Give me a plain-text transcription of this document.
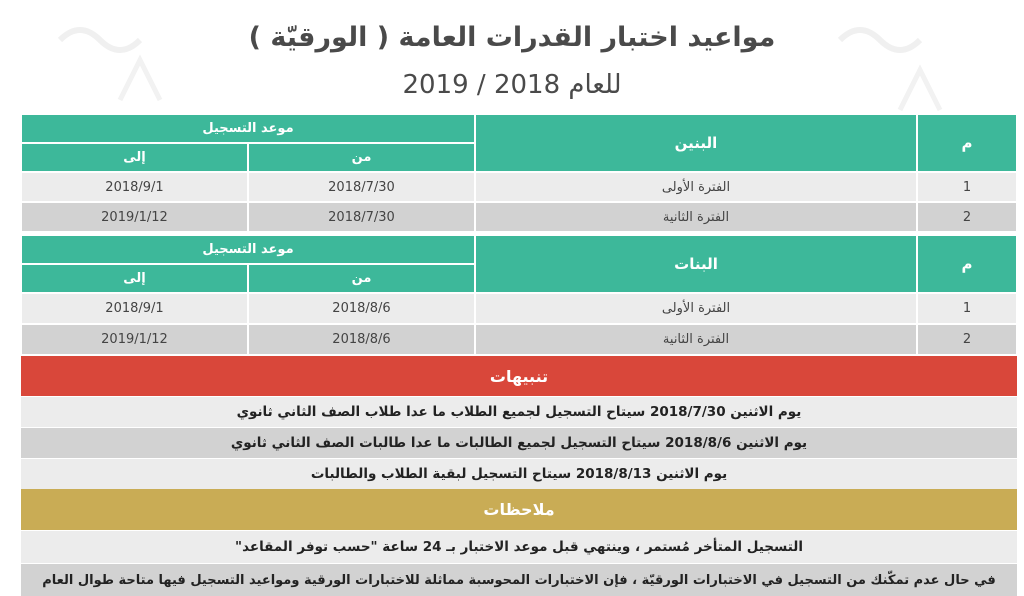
مواعيد اختبار القدرات العامة ( الورقيّة )
للعام 2018 / 2019
موعد التسجيل
البنين	م
إلى	من
2018/9/1	2018/7/30	الفترة الأولى	1
2019/1/12	2018/7/30	الفترة الثانية	2
موعد التسجيل
البنات	م
إلى	من
2018/9/1	2018/8/6	الفترة الأولى	1
2019/1/12	2018/8/6	الفترة الثانية	2
تنبيهات
يوم الاثنين 2018/7/30 سيتاح التسجيل لجميع الطلاب ما عدا طلاب الصف الثاني ثانوي
يوم الاثنين 2018/8/6 سيتاح التسجيل لجميع الطالبات ما عدا طالبات الصف الثاني ثانوي
يوم الاثنين 2018/8/13 سيتاح التسجيل لبقية الطلاب والطالبات
ملاحظات
التسجيل المتأخر مُستمر ، وينتهي قبل موعد الاختبار بـ 24 ساعة "حسب توفر المقاعد"
في حال عدم تمكّنك من التسجيل في الاختبارات الورقيّة ، فإن الاختبارات المحوسبة مماثلة للاختبارات الورقية ومواعيد التسجيل فيها متاحة طوال العام
